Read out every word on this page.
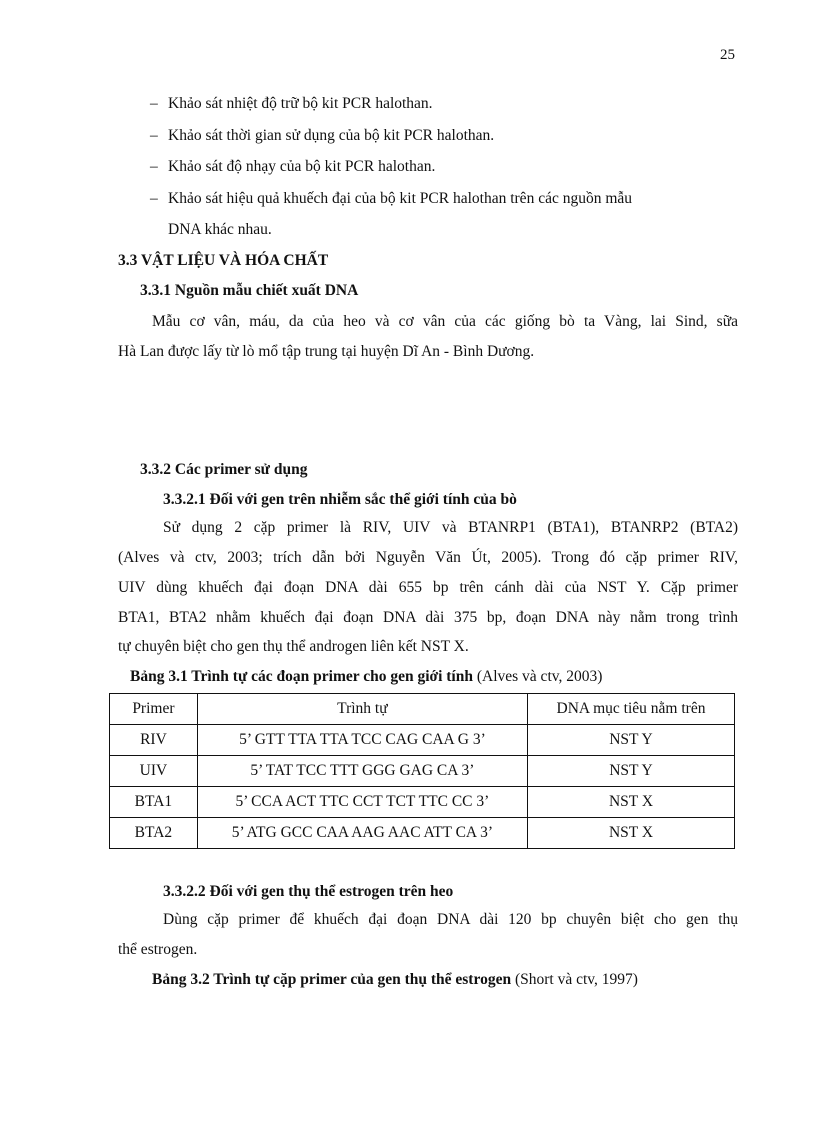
25
– Khảo sát nhiệt độ trữ bộ kit PCR halothan.
– Khảo sát thời gian sử dụng của bộ kit PCR halothan.
– Khảo sát độ nhạy của bộ kit PCR halothan.
– Khảo sát hiệu quả khuếch đại của bộ kit PCR halothan trên các nguồn mẫu
DNA khác nhau.
3.3 VẬT LIỆU VÀ HÓA CHẤT
3.3.1 Nguồn mẫu chiết xuất DNA
Mẫu cơ vân, máu, da của heo và cơ vân của các giống bò ta Vàng, lai Sind, sữa
Hà Lan được lấy từ lò mổ tập trung tại huyện Dĩ An - Bình Dương.
3.3.2 Các primer sử dụng
3.3.2.1 Đối với gen trên nhiễm sắc thể giới tính của bò
Sử dụng 2 cặp primer là RIV, UIV và BTANRP1 (BTA1), BTANRP2 (BTA2)
(Alves và ctv, 2003; trích dẫn bởi Nguyễn Văn Út, 2005). Trong đó cặp primer RIV,
UIV dùng khuếch đại đoạn DNA dài 655 bp trên cánh dài của NST Y. Cặp primer
BTA1, BTA2 nhằm khuếch đại đoạn DNA dài 375 bp, đoạn DNA này nằm trong trình
tự chuyên biệt cho gen thụ thể androgen liên kết NST X.
Bảng 3.1 Trình tự các đoạn primer cho gen giới tính (Alves và ctv, 2003)
Primer	Trình tự	DNA mục tiêu nằm trên
RIV	5’ GTT TTA TTA TCC CAG CAA G 3’	NST Y
UIV	5’ TAT TCC TTT GGG GAG CA 3’	NST Y
BTA1	5’ CCA ACT TTC CCT TCT TTC CC 3’	NST X
BTA2	5’ ATG GCC CAA AAG AAC ATT CA 3’	NST X
3.3.2.2 Đối với gen thụ thể estrogen trên heo
Dùng cặp primer để khuếch đại đoạn DNA dài 120 bp chuyên biệt cho gen thụ
thể estrogen.
Bảng 3.2 Trình tự cặp primer của gen thụ thể estrogen (Short và ctv, 1997)
